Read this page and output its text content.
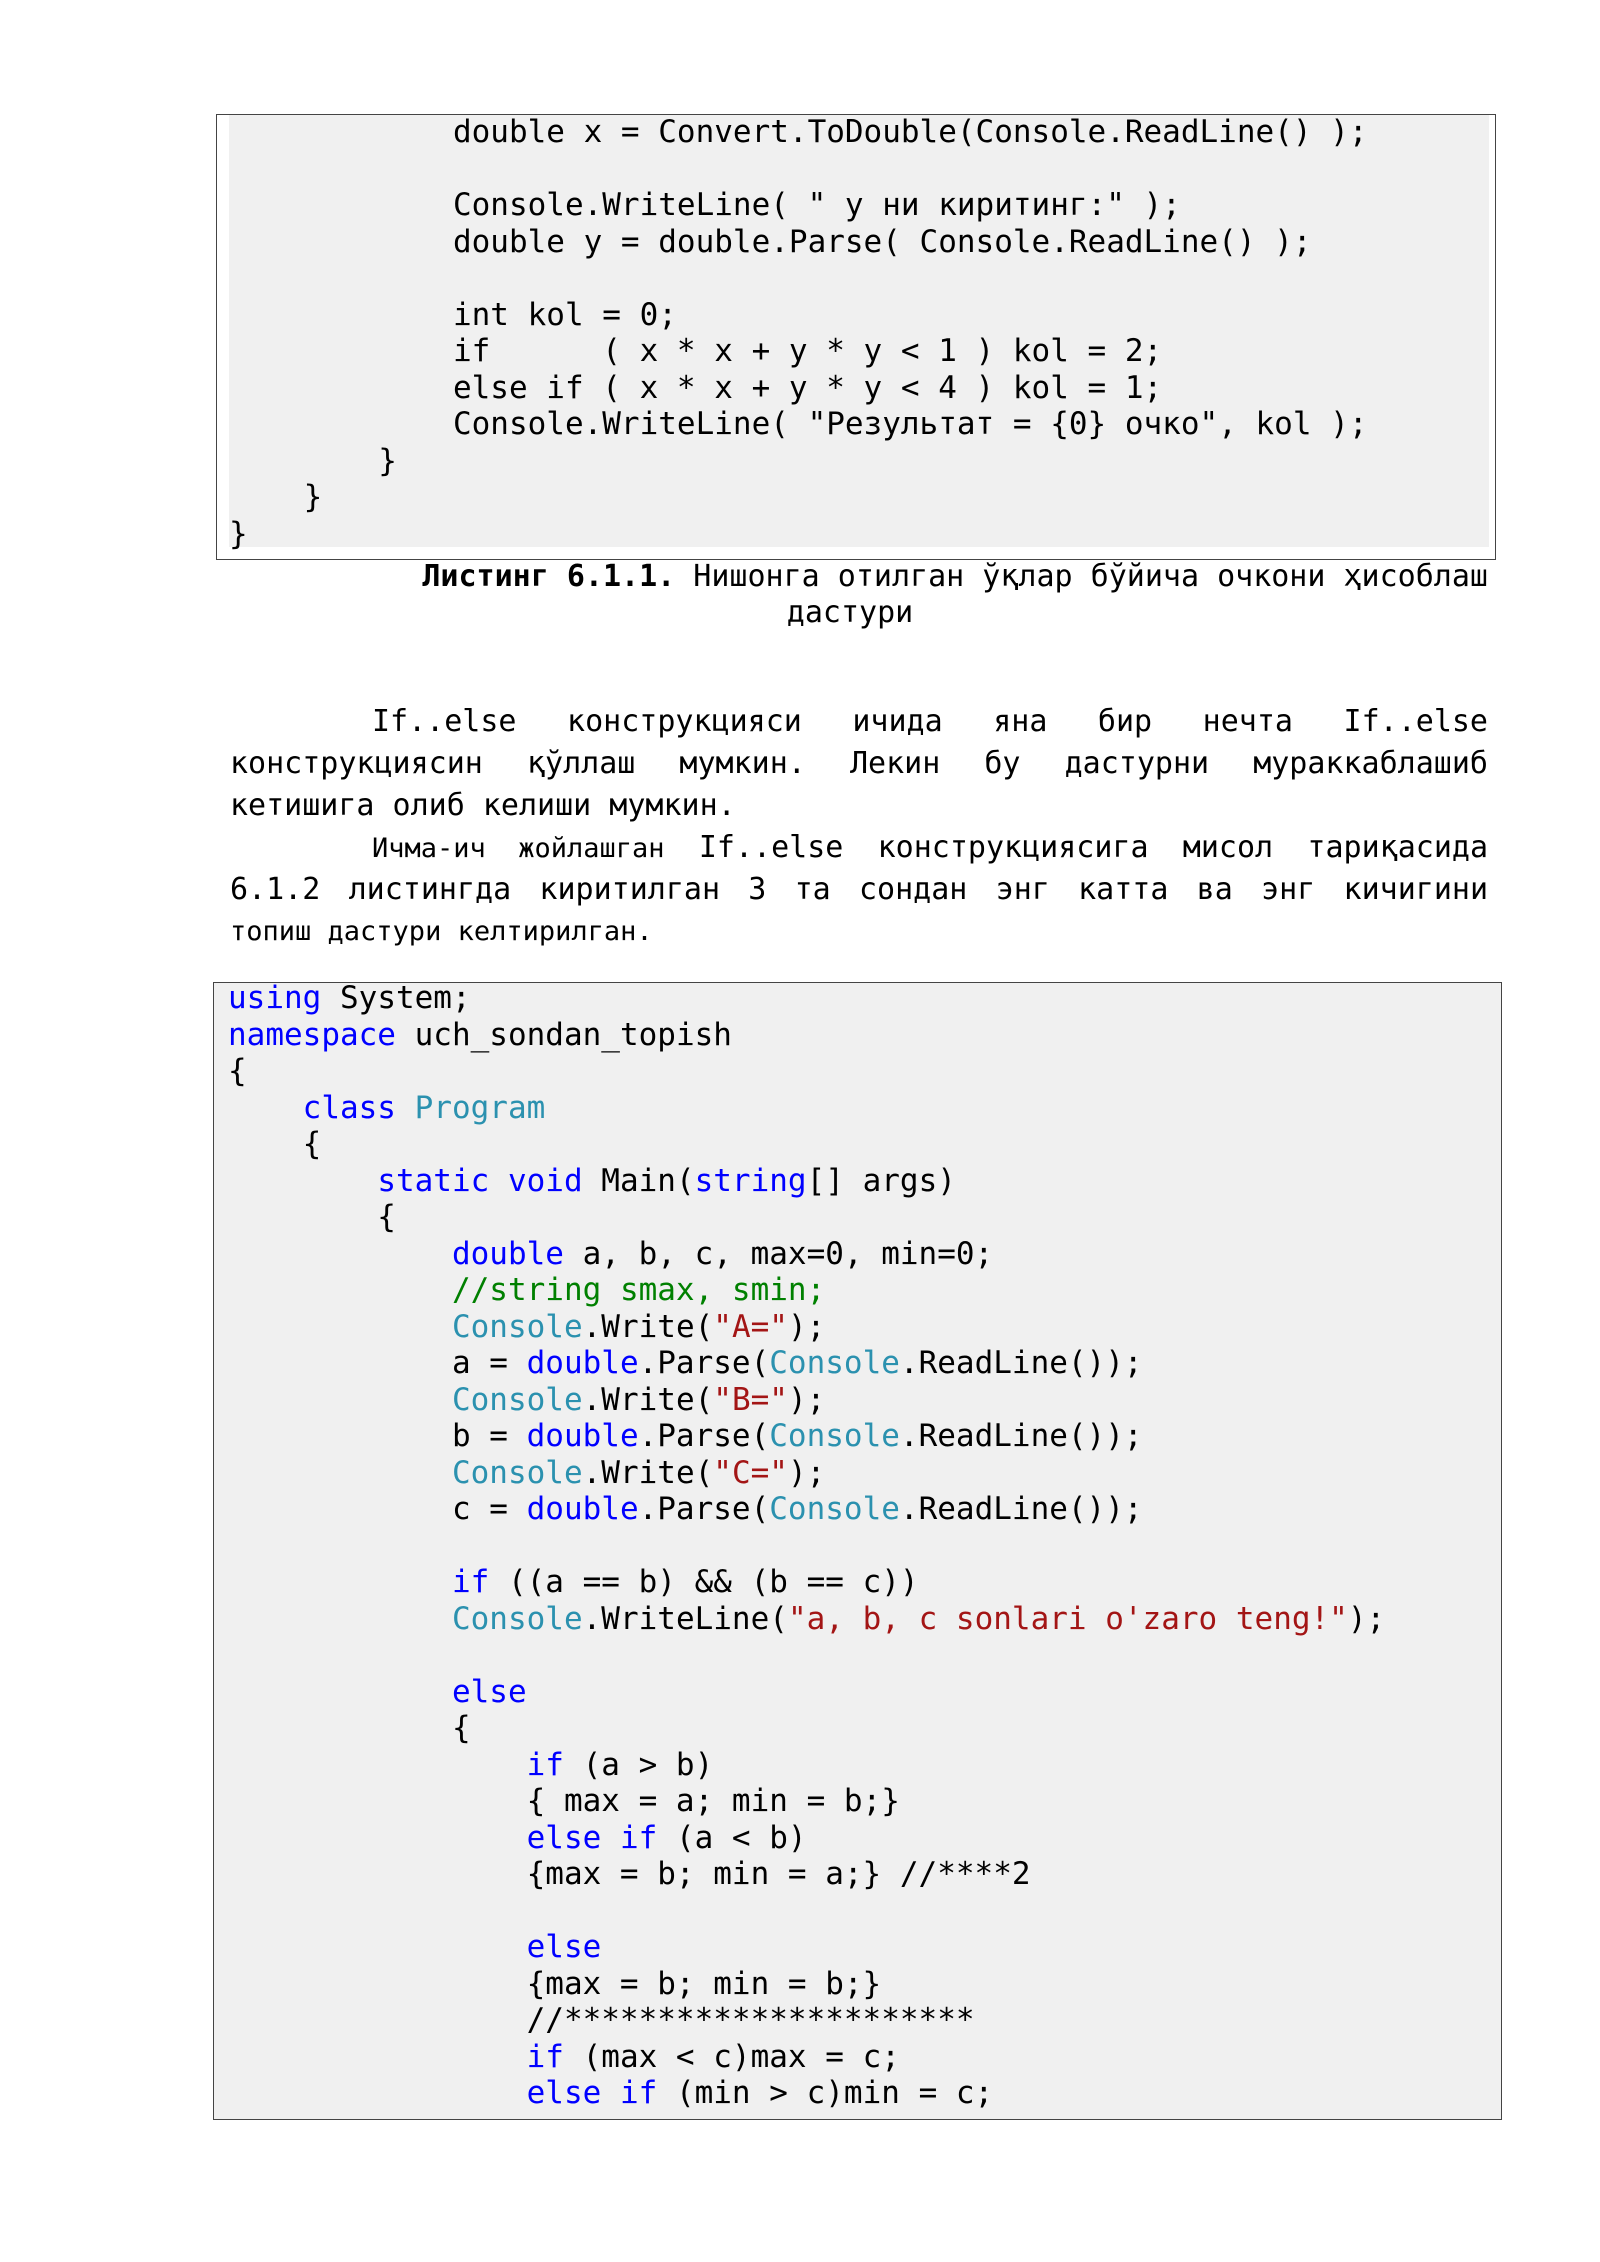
double x = Convert.ToDouble(Console.ReadLine() );
Console.WriteLine( " y ни киритинг:" );
double y = double.Parse( Console.ReadLine() );
int kol = 0;
if      ( x * x + y * y < 1 ) kol = 2;
else if ( x * x + y * y < 4 ) kol = 1;
Console.WriteLine( "Результат = {0} очко", kol );
}
}
}
Листинг 6.1.1. Нишонга отилган ўқлар бўйича очкони ҳисоблаш
дастури
If..else конструкцияси ичида яна бир нечта If..else
конструкциясин қўллаш мумкин. Лекин бу дастурни мураккаблашиб
кетишига олиб келиши мумкин.
Ичма-ич жойлашган If..else конструкциясига мисол тариқасида
6.1.2 листингда киритилган 3 та сондан энг катта ва энг кичигини
топиш дастури келтирилган.
using System;
namespace uch_sondan_topish
{
class Program
{
static void Main(string[] args)
{
double a, b, c, max=0, min=0;
//string smax, smin;
Console.Write("A=");
a = double.Parse(Console.ReadLine());
Console.Write("B=");
b = double.Parse(Console.ReadLine());
Console.Write("C=");
c = double.Parse(Console.ReadLine());
if ((a == b) && (b == c))
Console.WriteLine("a, b, c sonlari o'zaro teng!");
else
{
if (a > b)
{ max = a; min = b;}
else if (a < b)
{max = b; min = a;} //****2
else
{max = b; min = b;}
//**********************
if (max < c)max = c;
else if (min > c)min = c;
